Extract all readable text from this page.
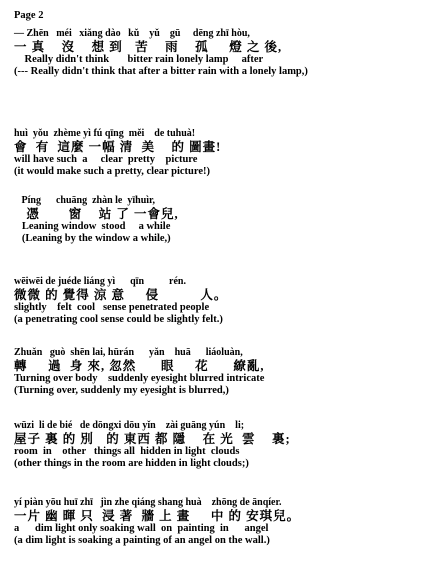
Page 2
— Zhēn   méi   xiǎng dào   kǔ    yǔ    gū     dēng zhī hòu,
一 真    沒    想 到   苦    雨    孤     燈 之 後,
Really didn't think       bitter rain lonely lamp     after
(--- Really didn't think that after a bitter rain with a lonely lamp,)
huì  yǒu  zhème yì fú qīng  měi    de tuhuà!
會  有  這麼 一幅 清  美    的 圖畫!
will have such  a     clear  pretty    picture
(it would make such a pretty, clear picture!)
Píng      chuāng  zhàn le  yīhuìr,
憑       窗    站 了 一會兒,
Leaning window  stood     a while
(Leaning by the window a while,)
wēiwēi de juéde liáng yì      qīn          rén.
微微 的 覺得 涼 意     侵          人。
slightly    felt  cool   sense penetrated people
(a penetrating cool sense could be slightly felt.)
Zhuǎn   guò  shēn lai, hūrán      yǎn    huā      liáoluàn,
轉     過  身 來, 忽然      眼     花      繚亂,
Turning over body    suddenly eyesight blurred intricate
(Turning over, suddenly my eyesight is blurred,)
wūzi  li de bié   de dōngxi dōu yǐn    zài guāng yún    li;
屋子 裏 的 別   的 東西 都 隱    在 光  雲    裏;
room  in    other   things all  hidden in light  clouds
(other things in the room are hidden in light clouds;)
yí piàn yōu huī zhī   jìn zhe qiáng shang huà    zhōng de ānqíer.
一片 幽 暉 只  浸 著  牆 上 畫     中 的 安琪兒。
a      dim light only soaking wall  on  painting  in      angel
(a dim light is soaking a painting of an angel on the wall.)
